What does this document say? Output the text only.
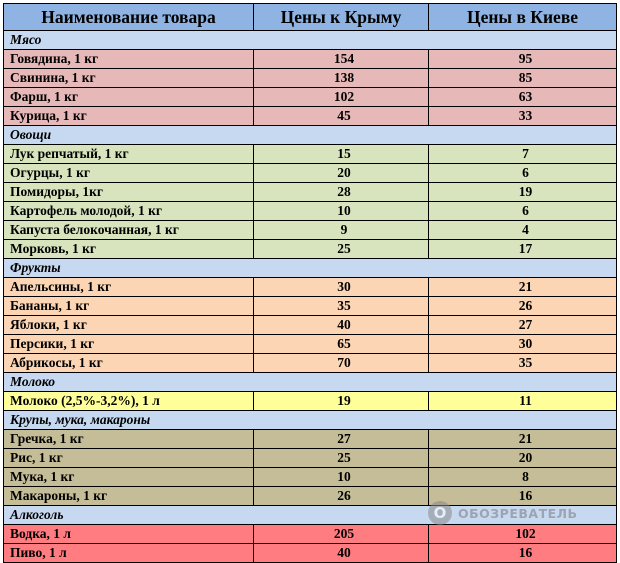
Наименование товара	Цены к Крыму	Цены в Киеве
Мясо		
Говядина, 1 кг	154	95
Свинина, 1 кг	138	85
Фарш, 1 кг	102	63
Курица, 1 кг	45	33
Овощи		
Лук репчатый, 1 кг	15	7
Огурцы, 1 кг	20	6
Помидоры, 1кг	28	19
Картофель молодой, 1 кг	10	6
Капуста белокочанная, 1 кг	9	4
Морковь, 1 кг	25	17
Фрукты		
Апельсины, 1 кг	30	21
Бананы, 1 кг	35	26
Яблоки, 1 кг	40	27
Персики, 1 кг	65	30
Абрикосы, 1 кг	70	35
Молоко		
Молоко (2,5%-3,2%), 1 л	19	11
Крупы, мука, макароны		
Гречка, 1 кг	27	21
Рис, 1 кг	25	20
Мука, 1 кг	10	8
Макароны, 1 кг	26	16
Алкоголь		
Водка, 1 л	205	102
Пиво, 1 л	40	16
О ОБОЗРЕВАТЕЛЬ
